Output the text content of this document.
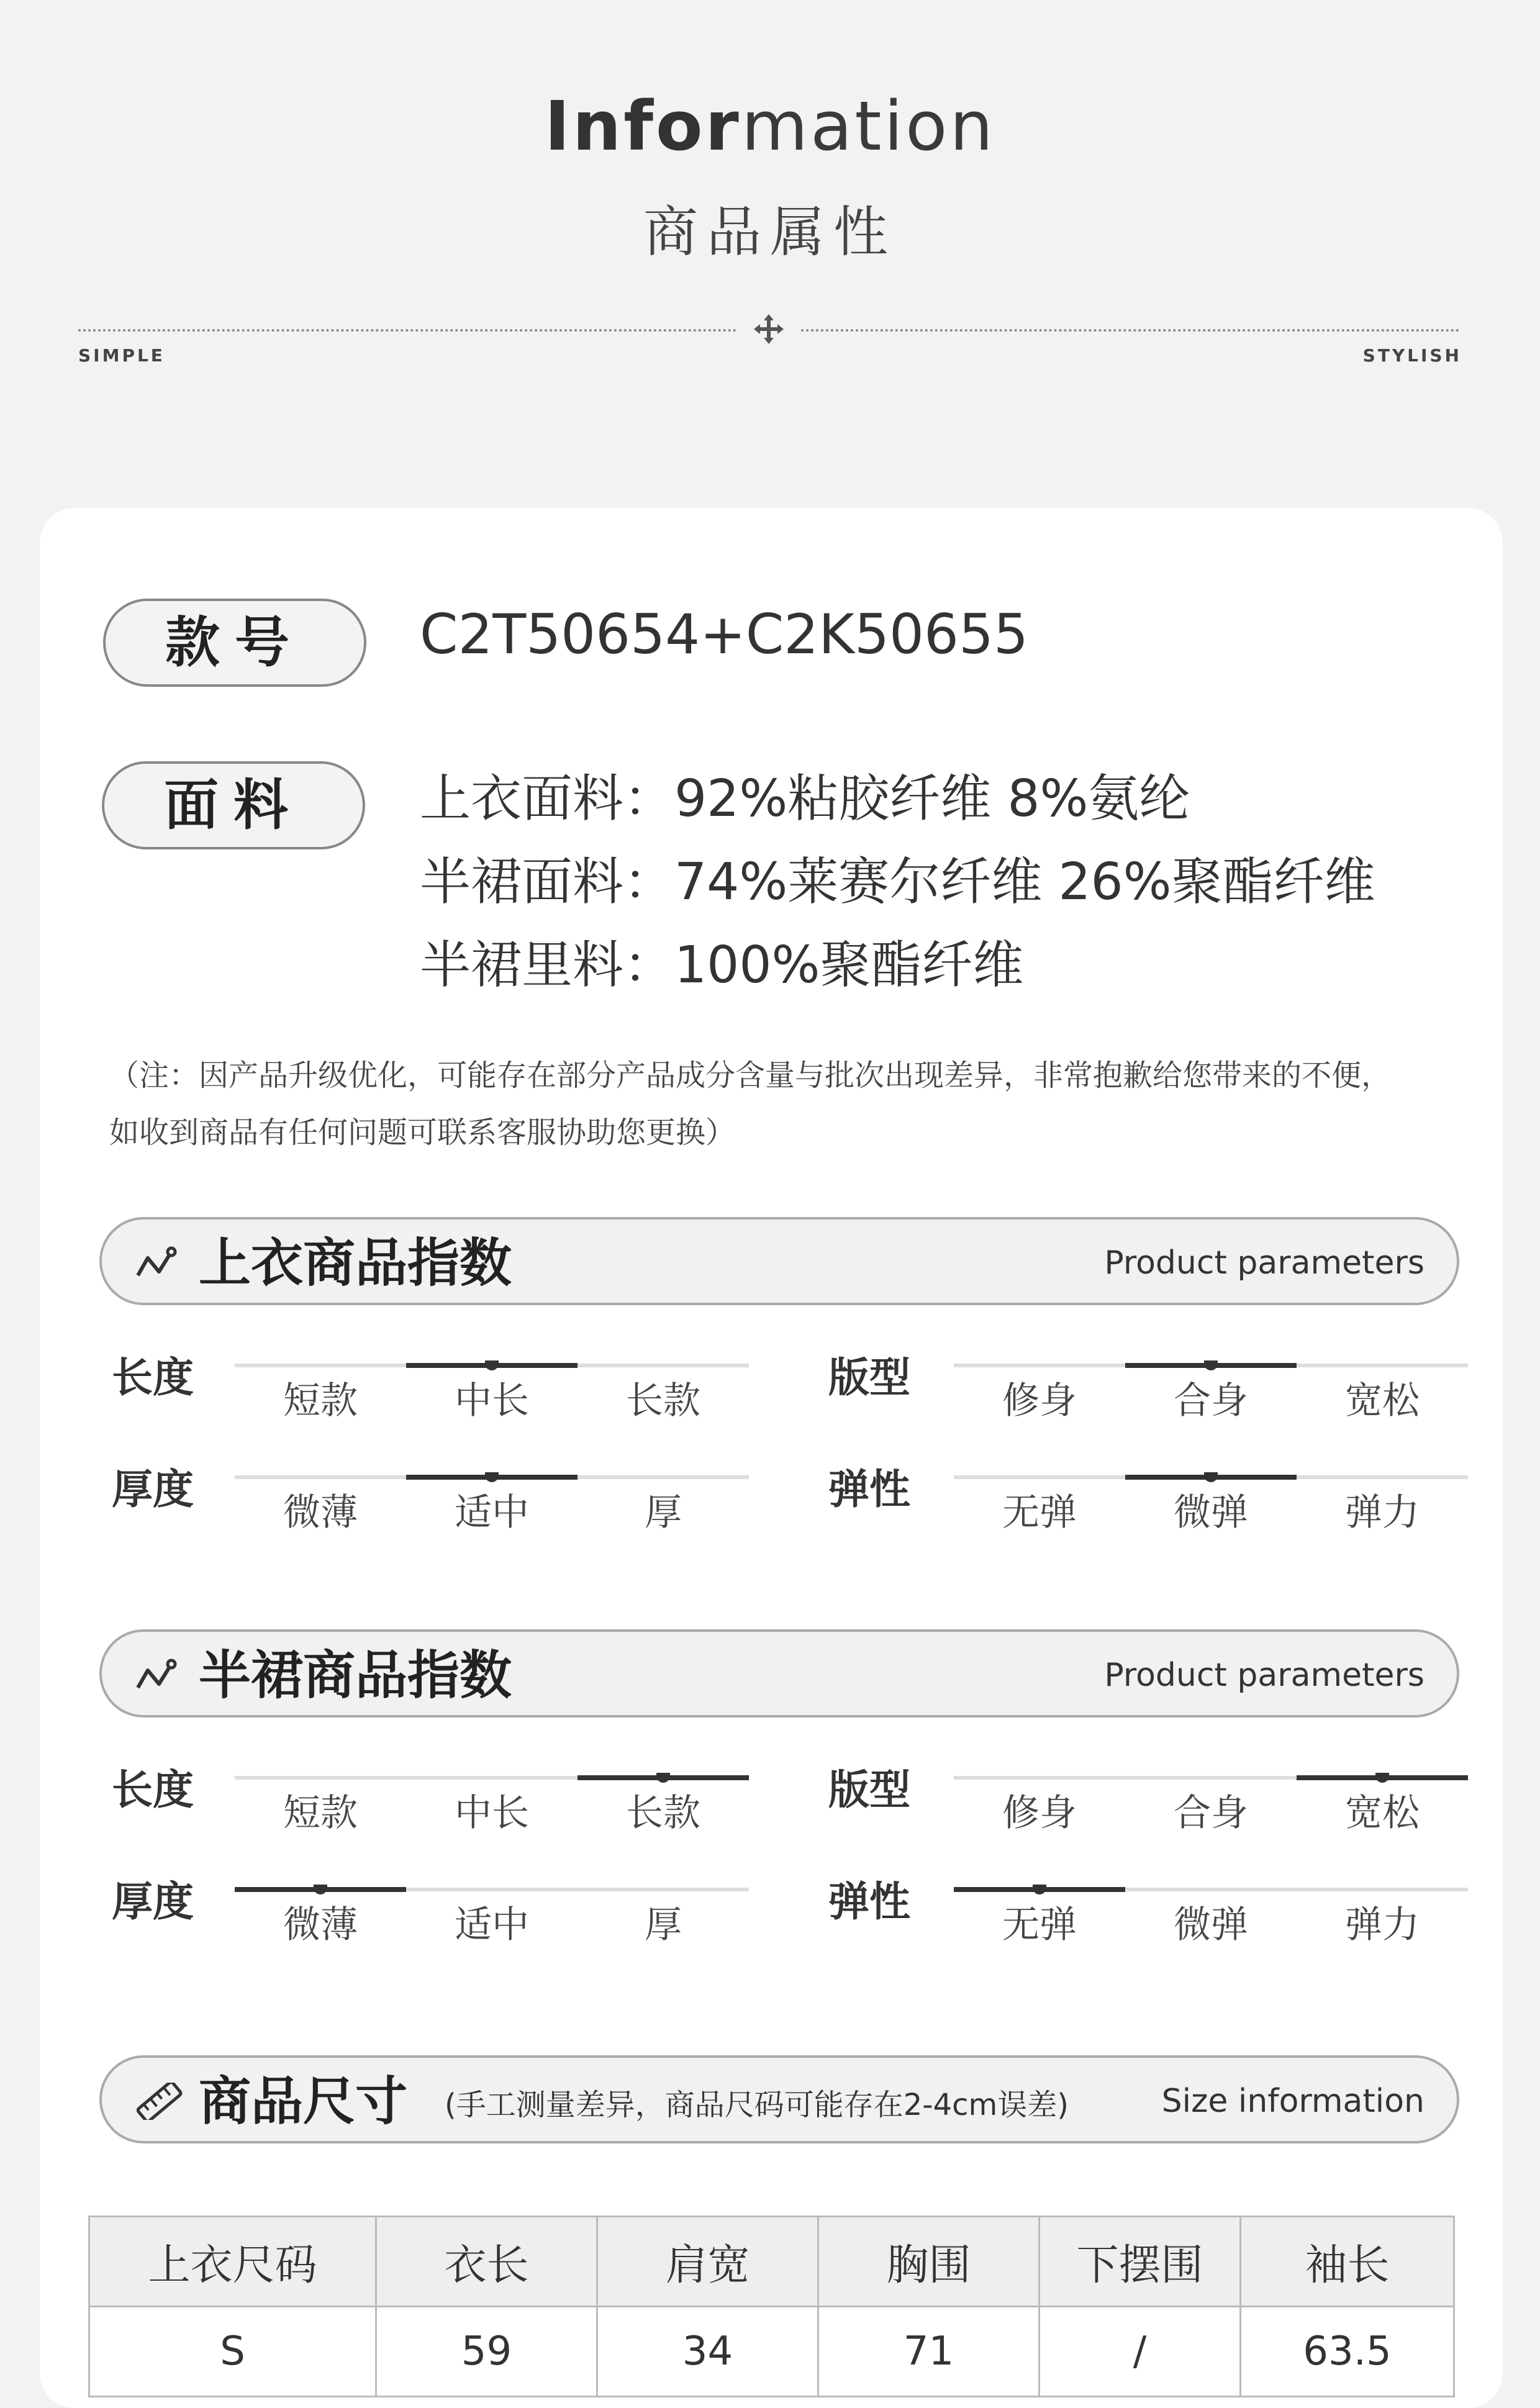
Information
商品属性
SIMPLE	STYLISH
款号	C2T50654+C2K50655
面料	上衣面料：92%粘胶纤维 8%氨纶
半裙面料：74%莱赛尔纤维 26%聚酯纤维
半裙里料：100%聚酯纤维
（注：因产品升级优化，可能存在部分产品成分含量与批次出现差异，非常抱歉给您带来的不便，
如收到商品有任何问题可联系客服协助您更换）
上衣商品指数	Product parameters
长度	短款	中长	长款	版型	修身	合身	宽松
厚度	微薄	适中	厚	弹性	无弹	微弹	弹力
半裙商品指数	Product parameters
长度	短款	中长	长款	版型	修身	合身	宽松
厚度	微薄	适中	厚	弹性	无弹	微弹	弹力
商品尺寸 (手工测量差异，商品尺码可能存在2-4cm误差)	Size information
上衣尺码	衣长	肩宽	胸围	下摆围	袖长
S	59	34	71	/	63.5
